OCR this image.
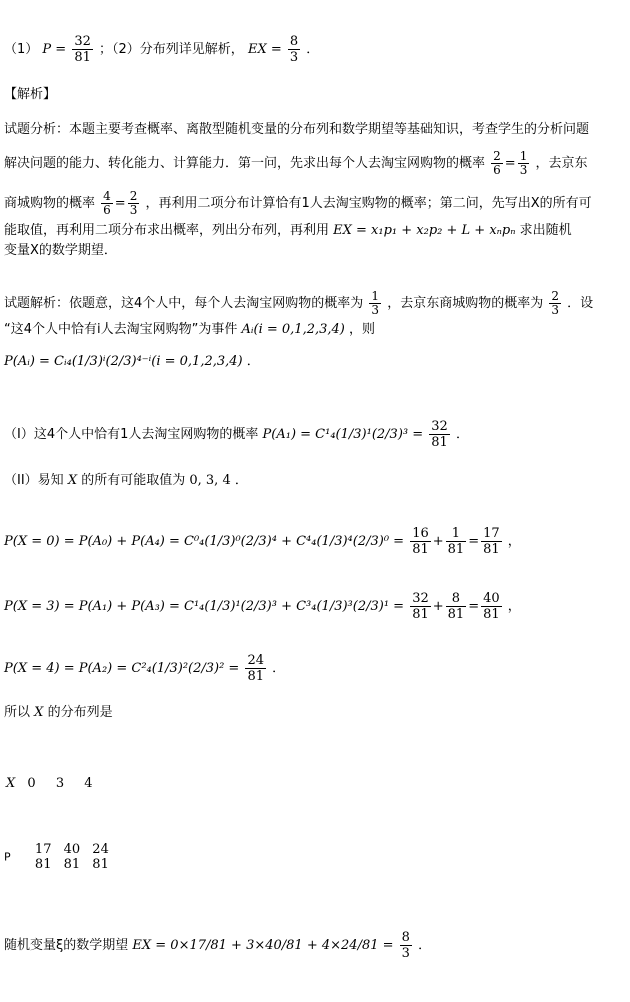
（1） $P = \frac{32}{81}$ ；（2）分布列详见解析， EX = $\frac{8}{3}$ ．
【解析】
试题分析：本题主要考查概率、离散型随机变量的分布列和数学期望等基础知识，考查学生的分析问题
解决问题的能力、转化能力、计算能力．第一问，先求出每个人去淘宝网购物的概率 $\frac{2}{6} = \frac{1}{3}$ ，去京东
商城购物的概率 $\frac{4}{6} = \frac{2}{3}$ ，再利用二项分布计算恰有1人去淘宝购物的概率；第二问，先写出X的所有可
能取值，再利用二项分布求出概率，列出分布列，再利用 EX = x₁p₁ + x₂p₂ + L + xₙpₙ 求出随机
变量X的数学期望．
试题解析：依题意，这4个人中，每个人去淘宝网购物的概率为 $\frac{1}{3}$ ，去京东商城购物的概率为 $\frac{2}{3}$ ．设
“这4个人中恰有i人去淘宝网购物”为事件 Aᵢ(i = 0,1,2,3,4) ，则
P(Aᵢ) = Cᵢ₄(1/3)ⁱ(2/3)⁴⁻ⁱ(i = 0,1,2,3,4) ．
（Ⅰ）这4个人中恰有1人去淘宝网购物的概率 $P(A_1) = C^1_4(1/3)^1(2/3)^3 = \frac{32}{81}$ ．
（II）易知 X 的所有可能取值为 0, 3, 4 ．
$P(X = 0) = P(A_0) + P(A_4) = C^0_4(1/3)^0(2/3)^4 + C^4_4(1/3)^4(2/3)^0 = \frac{16}{81} + \frac{1}{81} = \frac{17}{81}$ ，
$P(X = 3) = P(A_1) + P(A_3) = C^1_4(1/3)^1(2/3)^3 + C^3_4(1/3)^3(2/3)^1 = \frac{32}{81} + \frac{8}{81} = \frac{40}{81}$ ，
$P(X = 4) = P(A_2) = C^2_4(1/3)^2(2/3)^2 = \frac{24}{81}$ ．
所以 X 的分布列是
X 0 3 4
P 17
81

40
81

24
81
随机变量ξ的数学期望 EX = $0\times 17/81 + 3\times 40/81 + 4\times 24/81 = \frac{8}{3}$ ．
